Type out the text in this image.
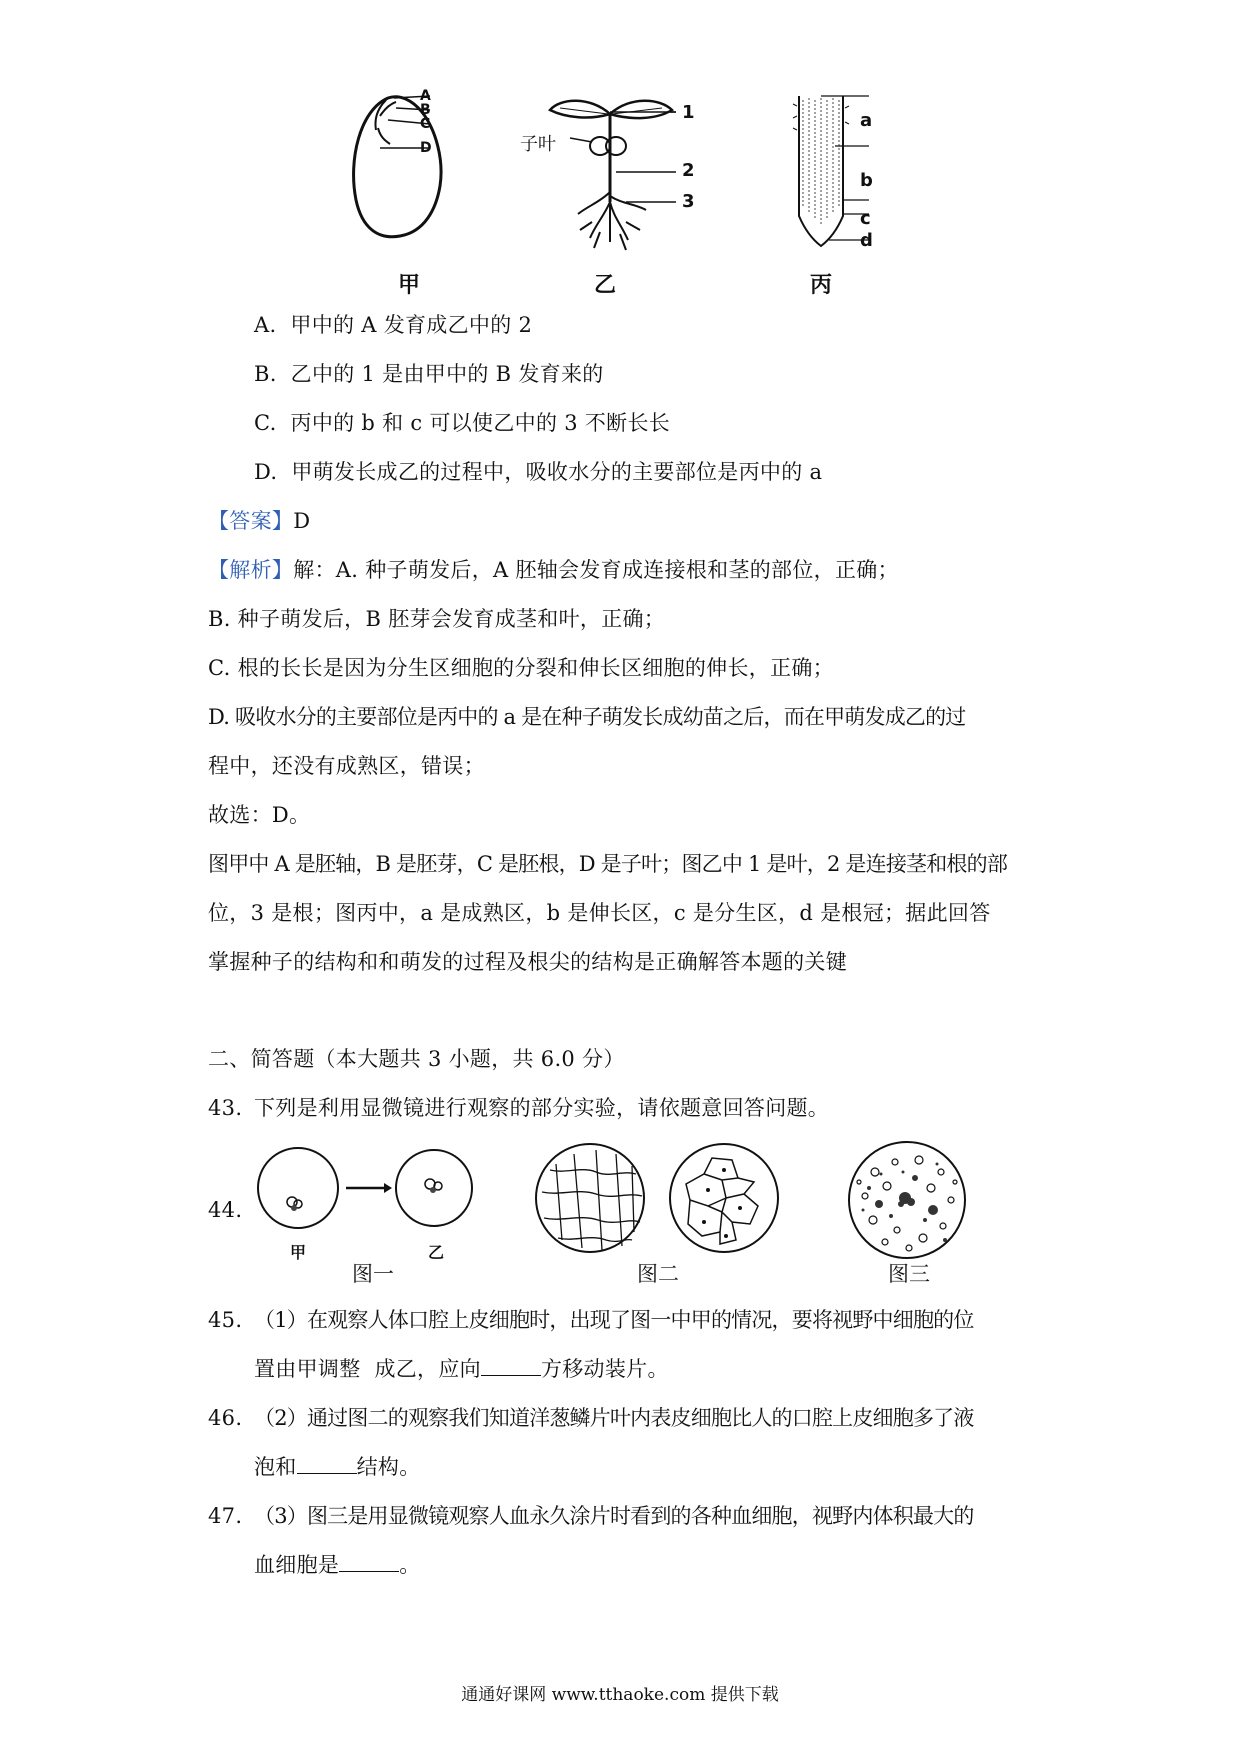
A
B
C
D
甲
1
2
3
子叶
乙
a
b
c
d
丙
A.  甲中的 A 发育成乙中的 2
B.  乙中的 1 是由甲中的 B 发育来的
C.  丙中的 b 和 c 可以使乙中的 3 不断长长
D.  甲萌发长成乙的过程中，吸收水分的主要部位是丙中的 a
【答案】D
【解析】解：A. 种子萌发后，A 胚轴会发育成连接根和茎的部位，正确；
B. 种子萌发后，B 胚芽会发育成茎和叶，正确；
C. 根的长长是因为分生区细胞的分裂和伸长区细胞的伸长，正确；
D. 吸收水分的主要部位是丙中的 a 是在种子萌发长成幼苗之后，而在甲萌发成乙的过
程中，还没有成熟区，错误；
故选：D。
图甲中 A 是胚轴，B 是胚芽，C 是胚根，D 是子叶；图乙中 1 是叶，2 是连接茎和根的部
位，3 是根；图丙中，a 是成熟区，b 是伸长区，c 是分生区，d 是根冠；据此回答
掌握种子的结构和和萌发的过程及根尖的结构是正确解答本题的关键
二、简答题（本大题共 3 小题，共 6.0 分）
43. 下列是利用显微镜进行观察的部分实验，请依题意回答问题。
44.
甲	乙
图一	图二	图三
45. （1）在观察人体口腔上皮细胞时，出现了图一中甲的情况，要将视野中细胞的位
置由甲调整  成乙，应向	方移动装片。
46. （2）通过图二的观察我们知道洋葱鳞片叶内表皮细胞比人的口腔上皮细胞多了液
泡和	结构。
47. （3）图三是用显微镜观察人血永久涂片时看到的各种血细胞，视野内体积最大的
血细胞是	。
通通好课网 www.tthaoke.com 提供下载
